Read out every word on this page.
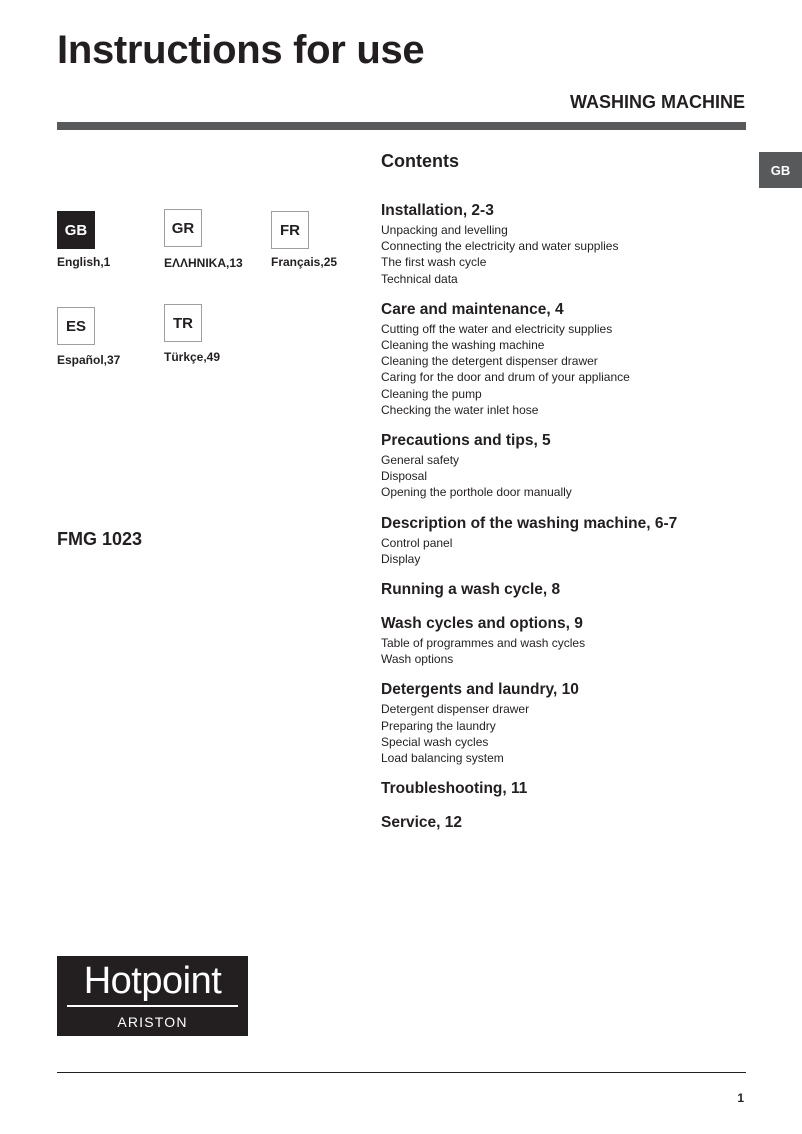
Instructions for use
WASHING MACHINE
GB
GB
English,1
GR
ΕΛΛΗΝΙΚΑ,13
FR
Français,25
ES
Español,37
TR
Türkçe,49
FMG 1023
Contents
Installation, 2-3
Unpacking and levelling
Connecting the electricity and water supplies
The first wash cycle
Technical data
Care and maintenance, 4
Cutting off the water and electricity supplies
Cleaning the washing machine
Cleaning the detergent dispenser drawer
Caring for the door and drum of your appliance
Cleaning the pump
Checking the water inlet hose
Precautions and tips, 5
General safety
Disposal
Opening the porthole door manually
Description of the washing machine, 6-7
Control panel
Display
Running a wash cycle, 8
Wash cycles and options, 9
Table of programmes and wash cycles
Wash options
Detergents and laundry, 10
Detergent dispenser drawer
Preparing the laundry
Special wash cycles
Load balancing system
Troubleshooting, 11
Service, 12
Hotpoint
ARISTON
1
